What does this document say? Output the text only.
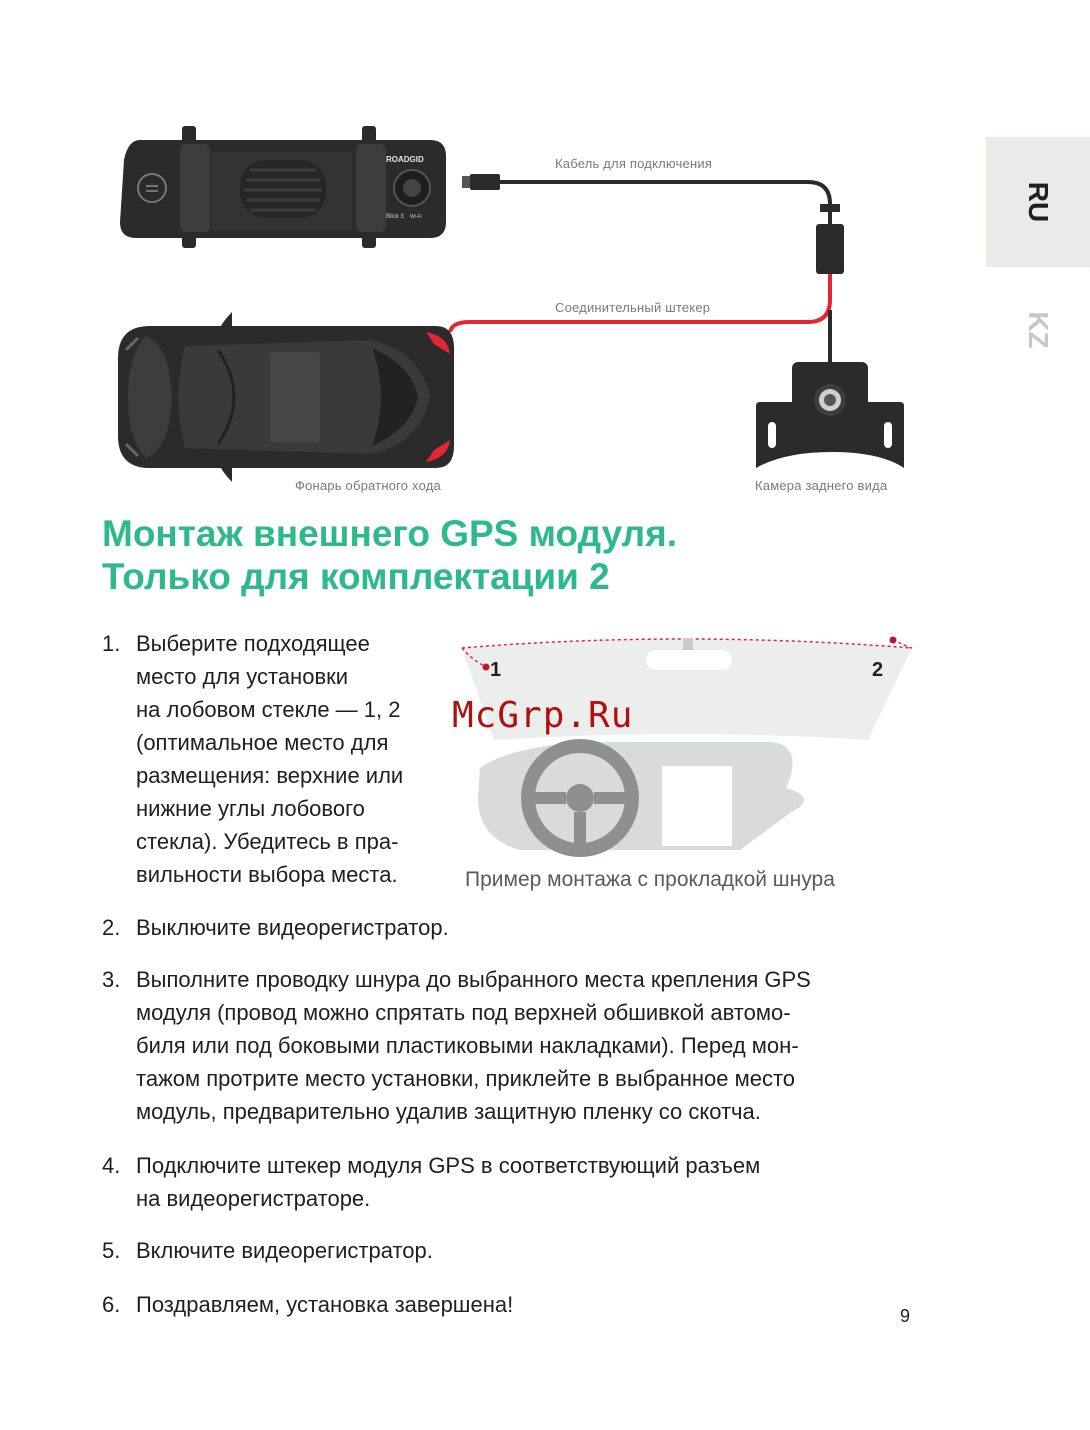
RU
KZ
ROADGID
Blick 3 Wi-Fi
Кабель для подключения
Соединительный штекер
Фонарь обратного хода	Камера заднего вида
Монтаж внешнего GPS модуля.
Только для комплектации 2
1	2
Пример монтажа с прокладкой шнура
McGrp.Ru
1. Выберите подходящее
место для установки
на лобовом стекле — 1, 2
(оптимальное место для
размещения: верхние или
нижние углы лобового
стекла). Убедитесь в пра-
вильности выбора места.
2. Выключите видеорегистратор.
3. Выполните проводку шнура до выбранного места крепления GPS
модуля (провод можно спрятать под верхней обшивкой автомо-
биля или под боковыми пластиковыми накладками). Перед мон-
тажом протрите место установки, приклейте в выбранное место
модуль, предварительно удалив защитную пленку со скотча.
4. Подключите штекер модуля GPS в соответствующий разъем
на видеорегистраторе.
5. Включите видеорегистратор.
6. Поздравляем, установка завершена!	9
